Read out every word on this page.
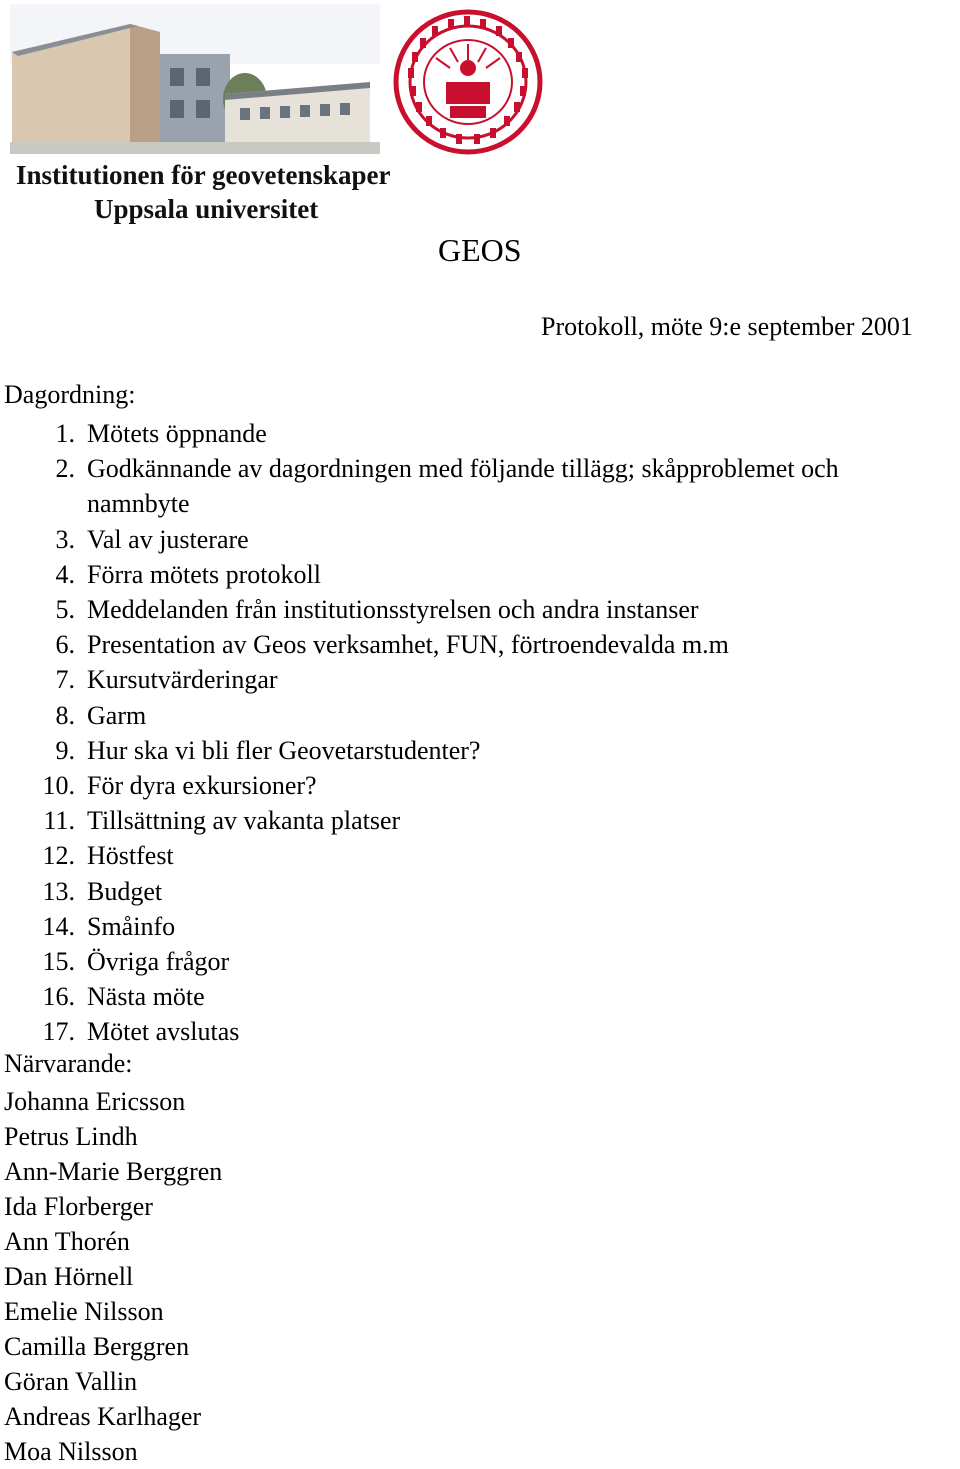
Institutionen för geovetenskaper
Uppsala universitet
GEOS
Protokoll, möte 9:e september 2001
Dagordning:
1. Mötets öppnande
2. Godkännande av dagordningen med följande tillägg; skåpproblemet och namnbyte
3. Val av justerare
4. Förra mötets protokoll
5. Meddelanden från institutionsstyrelsen och andra instanser
6. Presentation av Geos verksamhet, FUN, förtroendevalda m.m
7. Kursutvärderingar
8. Garm
9. Hur ska vi bli fler Geovetarstudenter?
10. För dyra exkursioner?
11. Tillsättning av vakanta platser
12. Höstfest
13. Budget
14. Småinfo
15. Övriga frågor
16. Nästa möte
17. Mötet avslutas
Närvarande:
Johanna Ericsson
Petrus Lindh
Ann-Marie Berggren
Ida Florberger
Ann Thorén
Dan Hörnell
Emelie Nilsson
Camilla Berggren
Göran Vallin
Andreas Karlhager
Moa Nilsson
